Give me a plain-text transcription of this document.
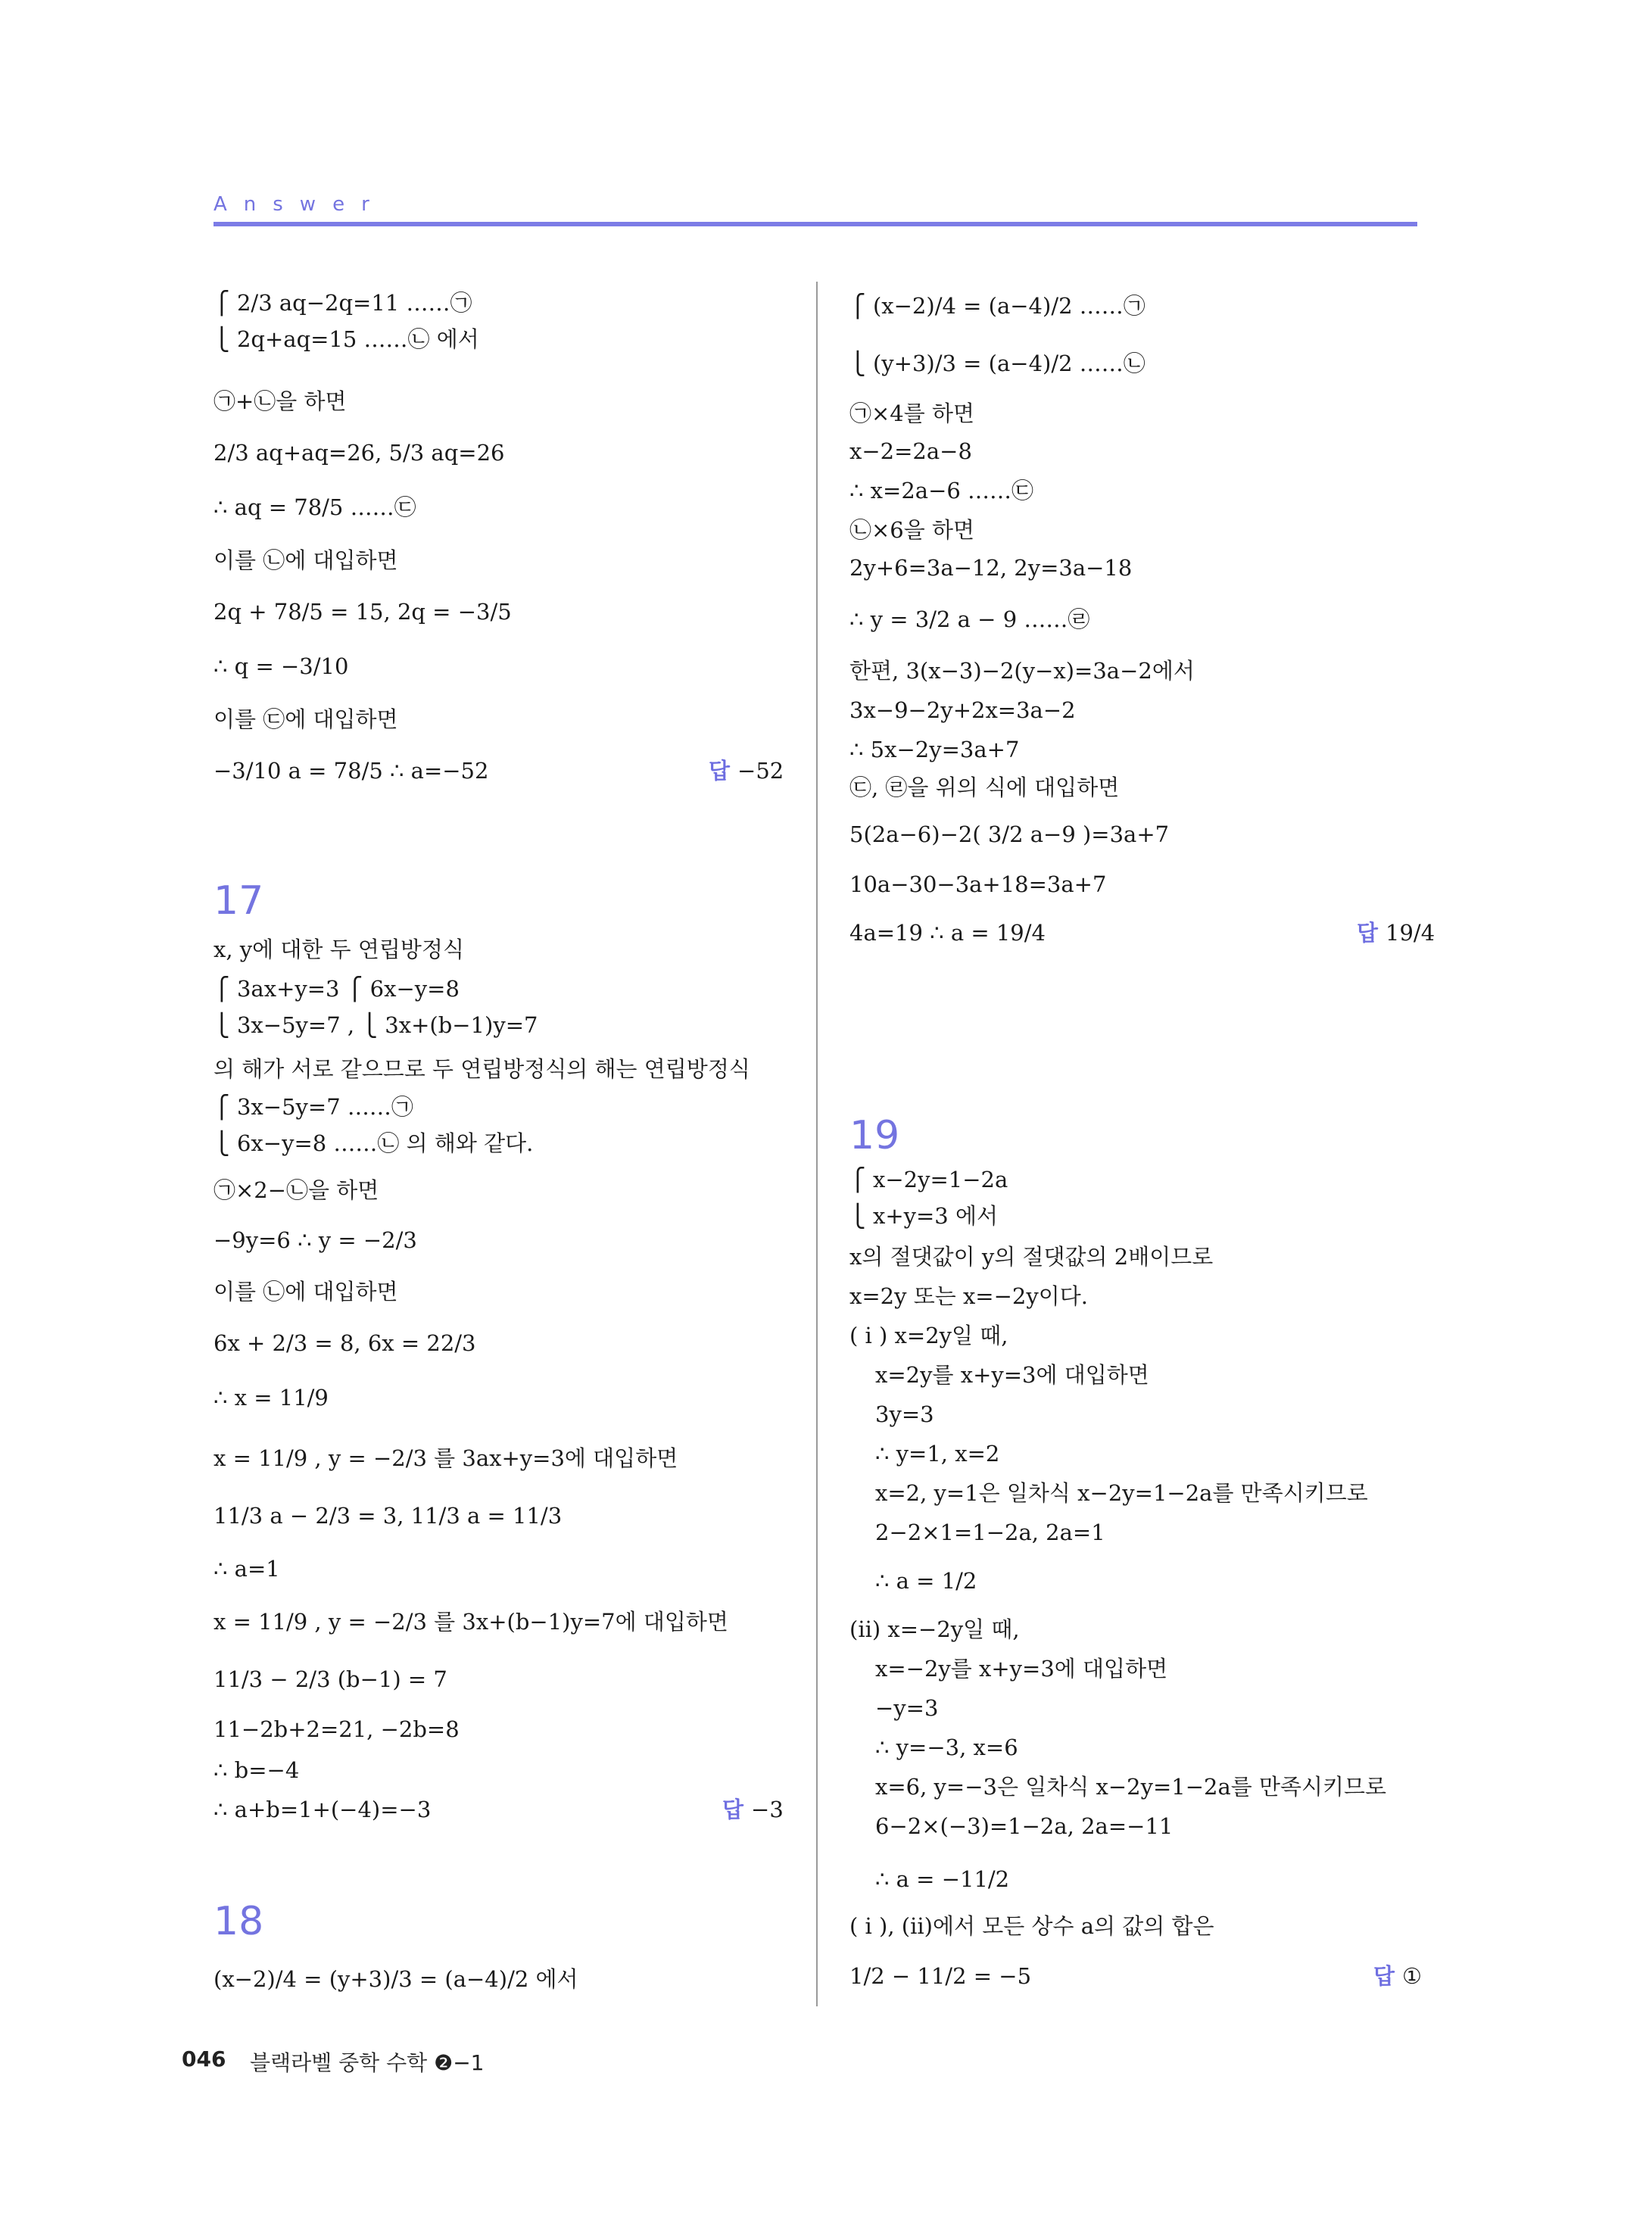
Answer
⎧ 2/3 aq−2q=11 ……㉠
⎩ 2q+aq=15 ……㉡ 에서
㉠+㉡을 하면
2/3 aq+aq=26, 5/3 aq=26
∴ aq = 78/5 ……㉢
이를 ㉡에 대입하면
2q + 78/5 = 15, 2q = −3/5
∴ q = −3/10
이를 ㉢에 대입하면
−3/10 a = 78/5 ∴ a=−52	답 −52
17
x, y에 대한 두 연립방정식
⎧ 3ax+y=3 ⎧ 6x−y=8
⎩ 3x−5y=7 , ⎩ 3x+(b−1)y=7
의 해가 서로 같으므로 두 연립방정식의 해는 연립방정식
⎧ 3x−5y=7 ……㉠
⎩ 6x−y=8 ……㉡ 의 해와 같다.
㉠×2−㉡을 하면
−9y=6 ∴ y = −2/3
이를 ㉡에 대입하면
6x + 2/3 = 8, 6x = 22/3
∴ x = 11/9
x = 11/9 , y = −2/3 를 3ax+y=3에 대입하면
11/3 a − 2/3 = 3, 11/3 a = 11/3
∴ a=1
x = 11/9 , y = −2/3 를 3x+(b−1)y=7에 대입하면
11/3 − 2/3 (b−1) = 7
11−2b+2=21, −2b=8
∴ b=−4
∴ a+b=1+(−4)=−3	답 −3
18
(x−2)/4 = (y+3)/3 = (a−4)/2 에서
⎧ (x−2)/4 = (a−4)/2 ……㉠
⎩ (y+3)/3 = (a−4)/2 ……㉡
㉠×4를 하면
x−2=2a−8
∴ x=2a−6 ……㉢
㉡×6을 하면
2y+6=3a−12, 2y=3a−18
∴ y = 3/2 a − 9 ……㉣
한편, 3(x−3)−2(y−x)=3a−2에서
3x−9−2y+2x=3a−2
∴ 5x−2y=3a+7
㉢, ㉣을 위의 식에 대입하면
5(2a−6)−2( 3/2 a−9 )=3a+7
10a−30−3a+18=3a+7
4a=19 ∴ a = 19/4	답 19/4
19
⎧ x−2y=1−2a
⎩ x+y=3 에서
x의 절댓값이 y의 절댓값의 2배이므로
x=2y 또는 x=−2y이다.
( i ) x=2y일 때,
x=2y를 x+y=3에 대입하면
3y=3
∴ y=1, x=2
x=2, y=1은 일차식 x−2y=1−2a를 만족시키므로
2−2×1=1−2a, 2a=1
∴ a = 1/2
(ii) x=−2y일 때,
x=−2y를 x+y=3에 대입하면
−y=3
∴ y=−3, x=6
x=6, y=−3은 일차식 x−2y=1−2a를 만족시키므로
6−2×(−3)=1−2a, 2a=−11
∴ a = −11/2
( i ), (ii)에서 모든 상수 a의 값의 합은
1/2 − 11/2 = −5	답 ①
046 블랙라벨 중학 수학 ❷−1
